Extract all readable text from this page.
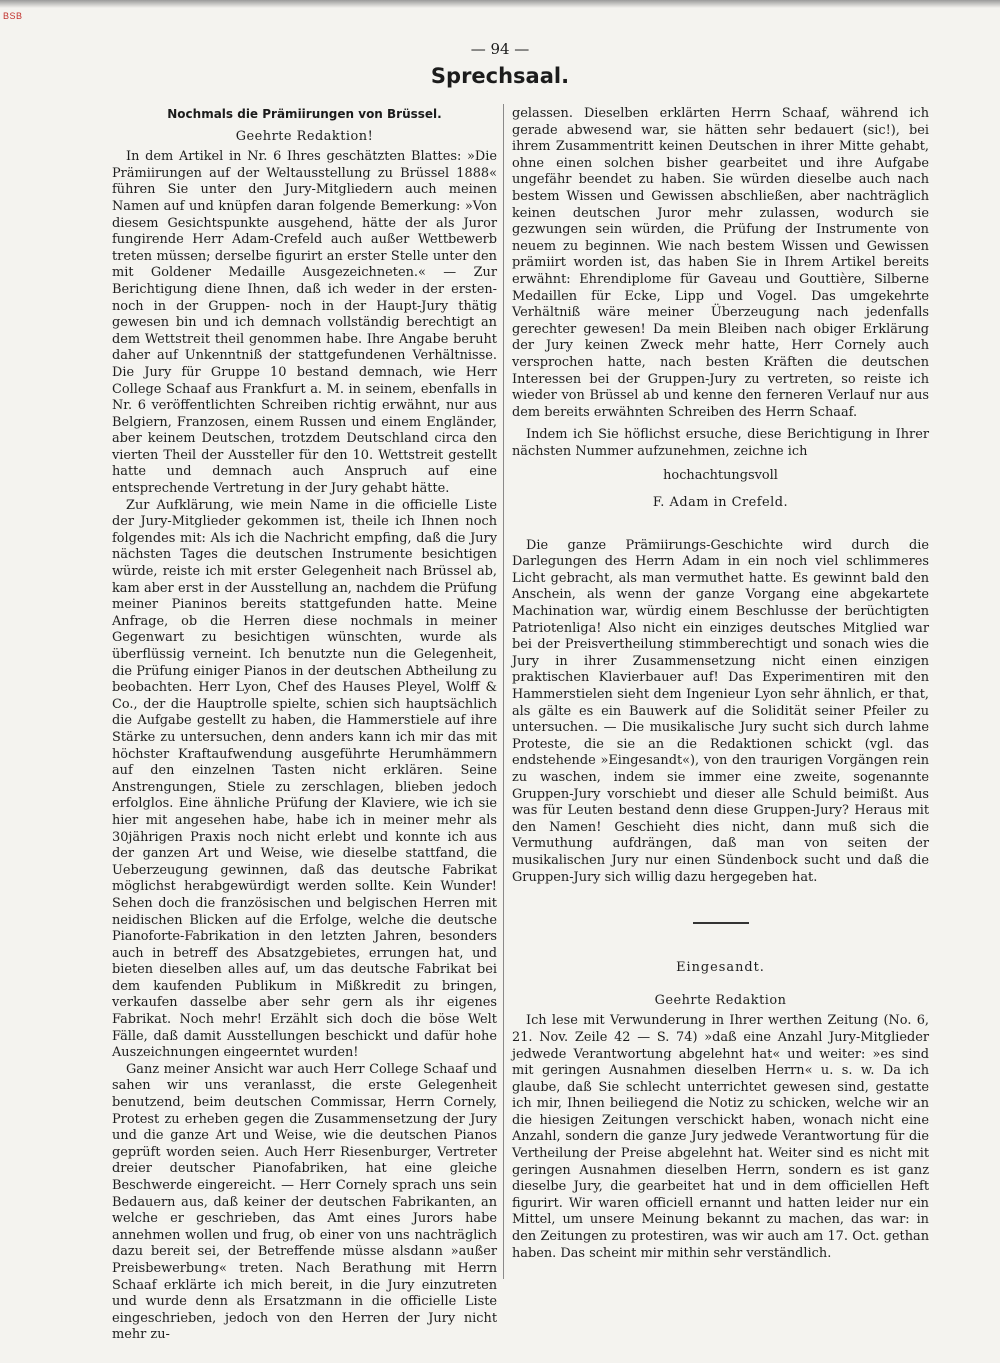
BSB
— 94 —
Sprechsaal.
Nochmals die Prämiirungen von Brüssel.
Geehrte Redaktion!

In dem Artikel in Nr. 6 Ihres geschätzten Blattes: »Die Prämiirungen auf der Weltausstellung zu Brüssel 1888« führen Sie unter den Jury-Mitgliedern auch meinen Namen auf und knüpfen daran folgende Bemerkung: »Von diesem Gesichtspunkte ausgehend, hätte der als Juror fungirende Herr Adam-Crefeld auch außer Wettbewerb treten müssen; derselbe figurirt an erster Stelle unter den mit Goldener Medaille Ausgezeichneten.« — Zur Berichtigung diene Ihnen, daß ich weder in der ersten- noch in der Gruppen- noch in der Haupt-Jury thätig gewesen bin und ich demnach vollständig berechtigt an dem Wettstreit theil genommen habe. Ihre Angabe beruht daher auf Unkenntniß der stattgefundenen Verhältnisse. Die Jury für Gruppe 10 bestand demnach, wie Herr College Schaaf aus Frankfurt a. M. in seinem, ebenfalls in Nr. 6 veröffentlichten Schreiben richtig erwähnt, nur aus Belgiern, Franzosen, einem Russen und einem Engländer, aber keinem Deutschen, trotzdem Deutschland circa den vierten Theil der Aussteller für den 10. Wettstreit gestellt hatte und demnach auch Anspruch auf eine entsprechende Vertretung in der Jury gehabt hätte.

Zur Aufklärung, wie mein Name in die officielle Liste der Jury-Mitglieder gekommen ist, theile ich Ihnen noch folgendes mit: Als ich die Nachricht empfing, daß die Jury nächsten Tages die deutschen Instrumente besichtigen würde, reiste ich mit erster Gelegenheit nach Brüssel ab, kam aber erst in der Ausstellung an, nachdem die Prüfung meiner Pianinos bereits stattgefunden hatte. Meine Anfrage, ob die Herren diese nochmals in meiner Gegenwart zu besichtigen wünschten, wurde als überflüssig verneint. Ich benutzte nun die Gelegenheit, die Prüfung einiger Pianos in der deutschen Abtheilung zu beobachten. Herr Lyon, Chef des Hauses Pleyel, Wolff & Co., der die Hauptrolle spielte, schien sich hauptsächlich die Aufgabe gestellt zu haben, die Hammerstiele auf ihre Stärke zu untersuchen, denn anders kann ich mir das mit höchster Kraftaufwendung ausgeführte Herumhämmern auf den einzelnen Tasten nicht erklären. Seine Anstrengungen, Stiele zu zerschlagen, blieben jedoch erfolglos. Eine ähnliche Prüfung der Klaviere, wie ich sie hier mit angesehen habe, habe ich in meiner mehr als 30jährigen Praxis noch nicht erlebt und konnte ich aus der ganzen Art und Weise, wie dieselbe stattfand, die Ueberzeugung gewinnen, daß das deutsche Fabrikat möglichst herabgewürdigt werden sollte. Kein Wunder! Sehen doch die französischen und belgischen Herren mit neidischen Blicken auf die Erfolge, welche die deutsche Pianoforte-Fabrikation in den letzten Jahren, besonders auch in betreff des Absatzgebietes, errungen hat, und bieten dieselben alles auf, um das deutsche Fabrikat bei dem kaufenden Publikum in Mißkredit zu bringen, verkaufen dasselbe aber sehr gern als ihr eigenes Fabrikat. Noch mehr! Erzählt sich doch die böse Welt Fälle, daß damit Ausstellungen beschickt und dafür hohe Auszeichnungen eingeerntet wurden!

Ganz meiner Ansicht war auch Herr College Schaaf und sahen wir uns veranlasst, die erste Gelegenheit benutzend, beim deutschen Commissar, Herrn Cornely, Protest zu erheben gegen die Zusammensetzung der Jury und die ganze Art und Weise, wie die deutschen Pianos geprüft worden seien. Auch Herr Riesenburger, Vertreter dreier deutscher Pianofabriken, hat eine gleiche Beschwerde eingereicht. — Herr Cornely sprach uns sein Bedauern aus, daß keiner der deutschen Fabrikanten, an welche er geschrieben, das Amt eines Jurors habe annehmen wollen und frug, ob einer von uns nachträglich dazu bereit sei, der Betreffende müsse alsdann »außer Preisbewerbung« treten. Nach Berathung mit Herrn Schaaf erklärte ich mich bereit, in die Jury einzutreten und wurde denn als Ersatzmann in die officielle Liste eingeschrieben, jedoch von den Herren der Jury nicht mehr zu-

gelassen. Dieselben erklärten Herrn Schaaf, während ich gerade abwesend war, sie hätten sehr bedauert (sic!), bei ihrem Zusammentritt keinen Deutschen in ihrer Mitte gehabt, ohne einen solchen bisher gearbeitet und ihre Aufgabe ungefähr beendet zu haben. Sie würden dieselbe auch nach bestem Wissen und Gewissen abschließen, aber nachträglich keinen deutschen Juror mehr zulassen, wodurch sie gezwungen sein würden, die Prüfung der Instrumente von neuem zu beginnen. Wie nach bestem Wissen und Gewissen prämiirt worden ist, das haben Sie in Ihrem Artikel bereits erwähnt: Ehrendiplome für Gaveau und Gouttière, Silberne Medaillen für Ecke, Lipp und Vogel. Das umgekehrte Verhältniß wäre meiner Überzeugung nach jedenfalls gerechter gewesen! Da mein Bleiben nach obiger Erklärung der Jury keinen Zweck mehr hatte, Herr Cornely auch versprochen hatte, nach besten Kräften die deutschen Interessen bei der Gruppen-Jury zu vertreten, so reiste ich wieder von Brüssel ab und kenne den ferneren Verlauf nur aus dem bereits erwähnten Schreiben des Herrn Schaaf.

Indem ich Sie höflichst ersuche, diese Berichtigung in Ihrer nächsten Nummer aufzunehmen, zeichne ich

hochachtungsvoll
F. Adam in Crefeld.

Die ganze Prämiirungs-Geschichte wird durch die Darlegungen des Herrn Adam in ein noch viel schlimmeres Licht gebracht, als man vermuthet hatte. Es gewinnt bald den Anschein, als wenn der ganze Vorgang eine abgekartete Machination war, würdig einem Beschlusse der berüchtigten Patriotenliga! Also nicht ein einziges deutsches Mitglied war bei der Preisvertheilung stimmberechtigt und sonach wies die Jury in ihrer Zusammensetzung nicht einen einzigen praktischen Klavierbauer auf! Das Experimentiren mit den Hammerstielen sieht dem Ingenieur Lyon sehr ähnlich, er that, als gälte es ein Bauwerk auf die Solidität seiner Pfeiler zu untersuchen. — Die musikalische Jury sucht sich durch lahme Proteste, die sie an die Redaktionen schickt (vgl. das endstehende »Eingesandt«), von den traurigen Vorgängen rein zu waschen, indem sie immer eine zweite, sogenannte Gruppen-Jury vorschiebt und dieser alle Schuld beimißt. Aus was für Leuten bestand denn diese Gruppen-Jury? Heraus mit den Namen! Geschieht dies nicht, dann muß sich die Vermuthung aufdrängen, daß man von seiten der musikalischen Jury nur einen Sündenbock sucht und daß die Gruppen-Jury sich willig dazu hergegeben hat.

Eingesandt.
Geehrte Redaktion

Ich lese mit Verwunderung in Ihrer werthen Zeitung (No. 6, 21. Nov. Zeile 42 — S. 74) »daß eine Anzahl Jury-Mitglieder jedwede Verantwortung abgelehnt hat« und weiter: »es sind mit geringen Ausnahmen dieselben Herrn« u. s. w. Da ich glaube, daß Sie schlecht unterrichtet gewesen sind, gestatte ich mir, Ihnen beiliegend die Notiz zu schicken, welche wir an die hiesigen Zeitungen verschickt haben, wonach nicht eine Anzahl, sondern die ganze Jury jedwede Verantwortung für die Vertheilung der Preise abgelehnt hat. Weiter sind es nicht mit geringen Ausnahmen dieselben Herrn, sondern es ist ganz dieselbe Jury, die gearbeitet hat und in dem officiellen Heft figurirt. Wir waren officiell ernannt und hatten leider nur ein Mittel, um unsere Meinung bekannt zu machen, das war: in den Zeitungen zu protestiren, was wir auch am 17. Oct. gethan haben. Das scheint mir mithin sehr verständlich.
